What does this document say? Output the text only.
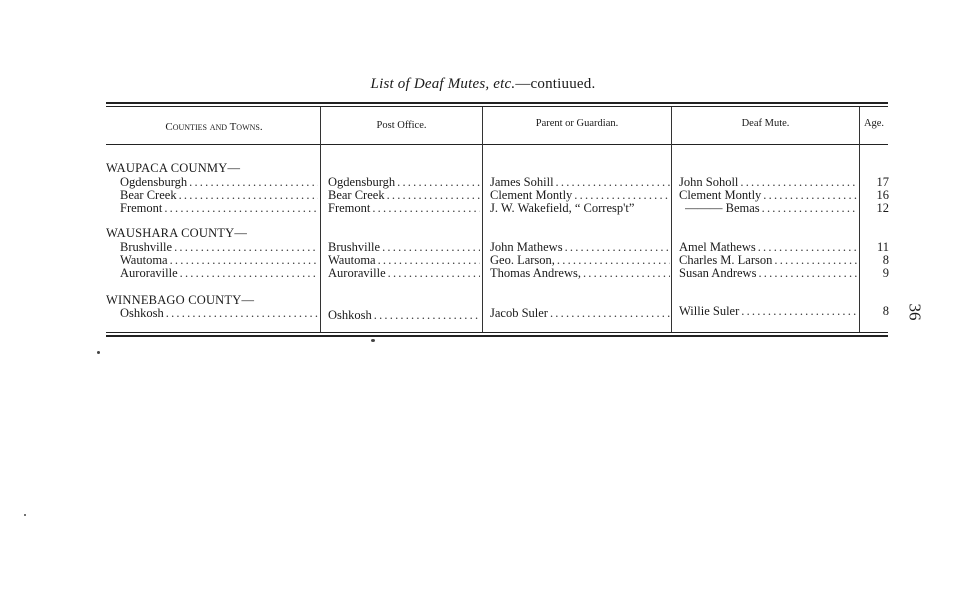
List of Deaf Mutes, etc.—contiuued.
Counties and Towns.	Post Office.	Parent or Guardian.	Deaf Mute.	Age.
WAUPACA COUNMY—
Ogdensburgh .....	Ogdensburgh .....	James Sohill .....	John Soholl .....	17
Bear Creek .....	Bear Creek .....	Clement Montly .....	Clement Montly .....	16
Fremont .....	Fremont .....	J. W. Wakefield, “ Corresp't”	——— Bemas .....	12
WAUSHARA COUNTY—
Brushville .....	Brushville .....	John Mathews .....	Amel Mathews .....	11
Wautoma .....	Wautoma .....	Geo. Larson, .....	Charles M. Larson .....	8
Auroraville .....	Auroraville .....	Thomas Andrews, .....	Susan Andrews .....	9
WINNEBAGO COUNTY—
Oshkosh .....	Oshkosh .....	Jacob Suler .....	Willie Suler .....	8 36
